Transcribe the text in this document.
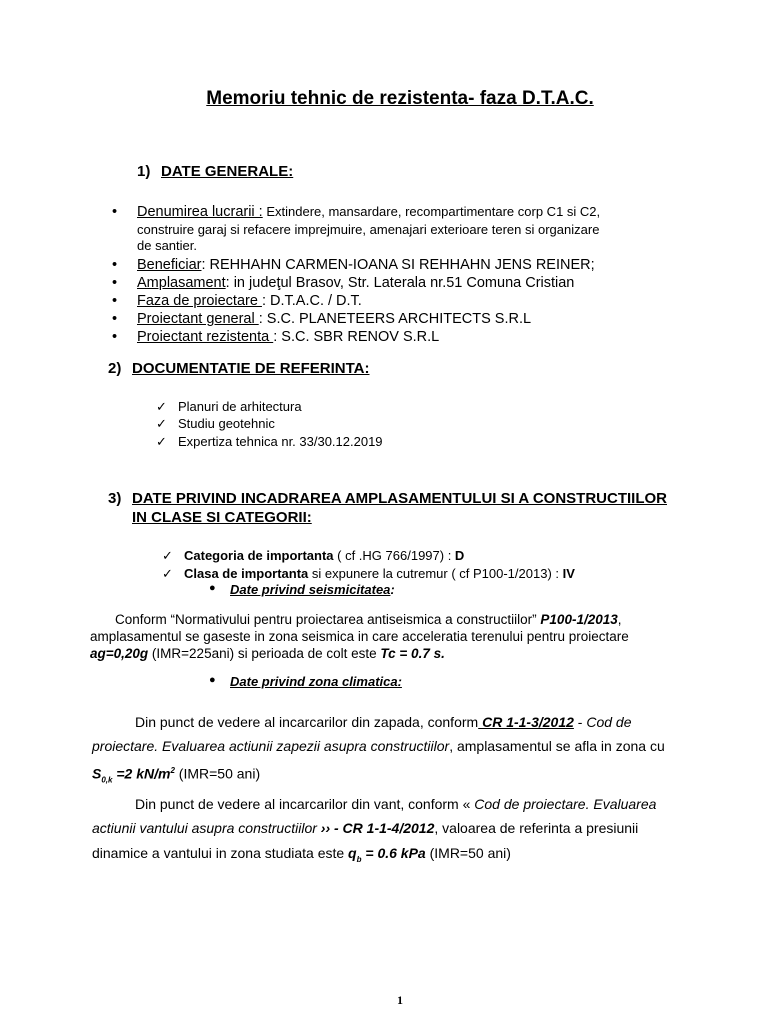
Memoriu tehnic de rezistenta- faza D.T.A.C.
1) DATE GENERALE:
• Denumirea lucrarii : Extindere, mansardare, recompartimentare corp C1 si C2,
construire garaj si refacere imprejmuire, amenajari exterioare teren si organizare
de santier.
• Beneficiar: REHHAHN CARMEN-IOANA SI REHHAHN JENS REINER;
• Amplasament: in judeţul Brasov, Str. Laterala nr.51 Comuna Cristian
• Faza de proiectare : D.T.A.C. / D.T.
• Proiectant general : S.C. PLANETEERS ARCHITECTS S.R.L
• Proiectant rezistenta : S.C. SBR RENOV S.R.L
2) DOCUMENTATIE DE REFERINTA:
✓ Planuri de arhitectura
✓ Studiu geotehnic
✓ Expertiza tehnica nr. 33/30.12.2019
3) DATE PRIVIND INCADRAREA AMPLASAMENTULUI SI A CONSTRUCTIILOR
IN CLASE SI CATEGORII:
✓ Categoria de importanta ( cf .HG 766/1997) : D
✓ Clasa de importanta si expunere la cutremur ( cf P100-1/2013) : IV
● Date privind seismicitatea:
Conform “Normativului pentru proiectarea antiseismica a constructiilor” P100-1/2013,
amplasamentul se gaseste in zona seismica in care acceleratia terenului pentru proiectare
ag=0,20g (IMR=225ani) si perioada de colt este Tc = 0.7 s.
● Date privind zona climatica:
Din punct de vedere al incarcarilor din zapada, conform CR 1-1-3/2012 - Cod de
proiectare. Evaluarea actiunii zapezii asupra constructiilor, amplasamentul se afla in zona cu
$S_{0,k} =2$ $kN/m^2$ (IMR=50 ani)
Din punct de vedere al incarcarilor din vant, conform « Cod de proiectare. Evaluarea
actiunii vantului asupra constructiilor ›› - CR 1-1-4/2012, valoarea de referinta a presiunii
dinamice a vantului in zona studiata este $q_b = 0.6$ kPa (IMR=50 ani)
1
